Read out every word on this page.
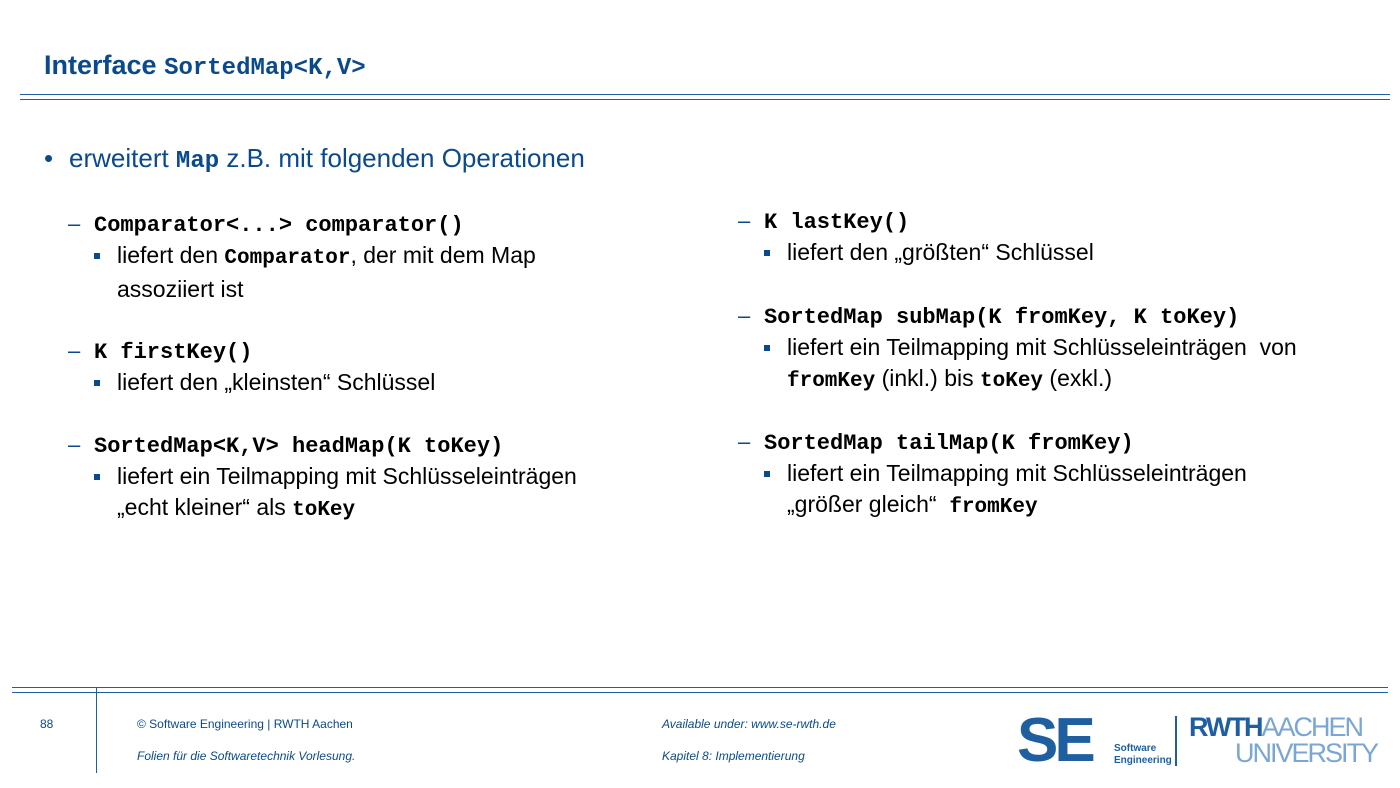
Interface SortedMap<K,V>
• erweitert Map z.B. mit folgenden Operationen
– Comparator<...> comparator()
liefert den Comparator, der mit dem Map
assoziiert ist
– K firstKey()
liefert den „kleinsten“ Schlüssel
– SortedMap<K,V> headMap(K toKey)
liefert ein Teilmapping mit Schlüsseleinträgen
„echt kleiner“ als toKey
– K lastKey()
liefert den „größten“ Schlüssel
– SortedMap subMap(K fromKey, K toKey)
liefert ein Teilmapping mit Schlüsseleinträgen  von
fromKey (inkl.) bis toKey (exkl.)
– SortedMap tailMap(K fromKey)
liefert ein Teilmapping mit Schlüsseleinträgen
„größer gleich“  fromKey
88	© Software Engineering | RWTH Aachen
Folien für die Softwaretechnik Vorlesung.
Available under: www.se-rwth.de
Kapitel 8: Implementierung	SE Software
Engineering
RWTHAACHEN
UNIVERSITY
